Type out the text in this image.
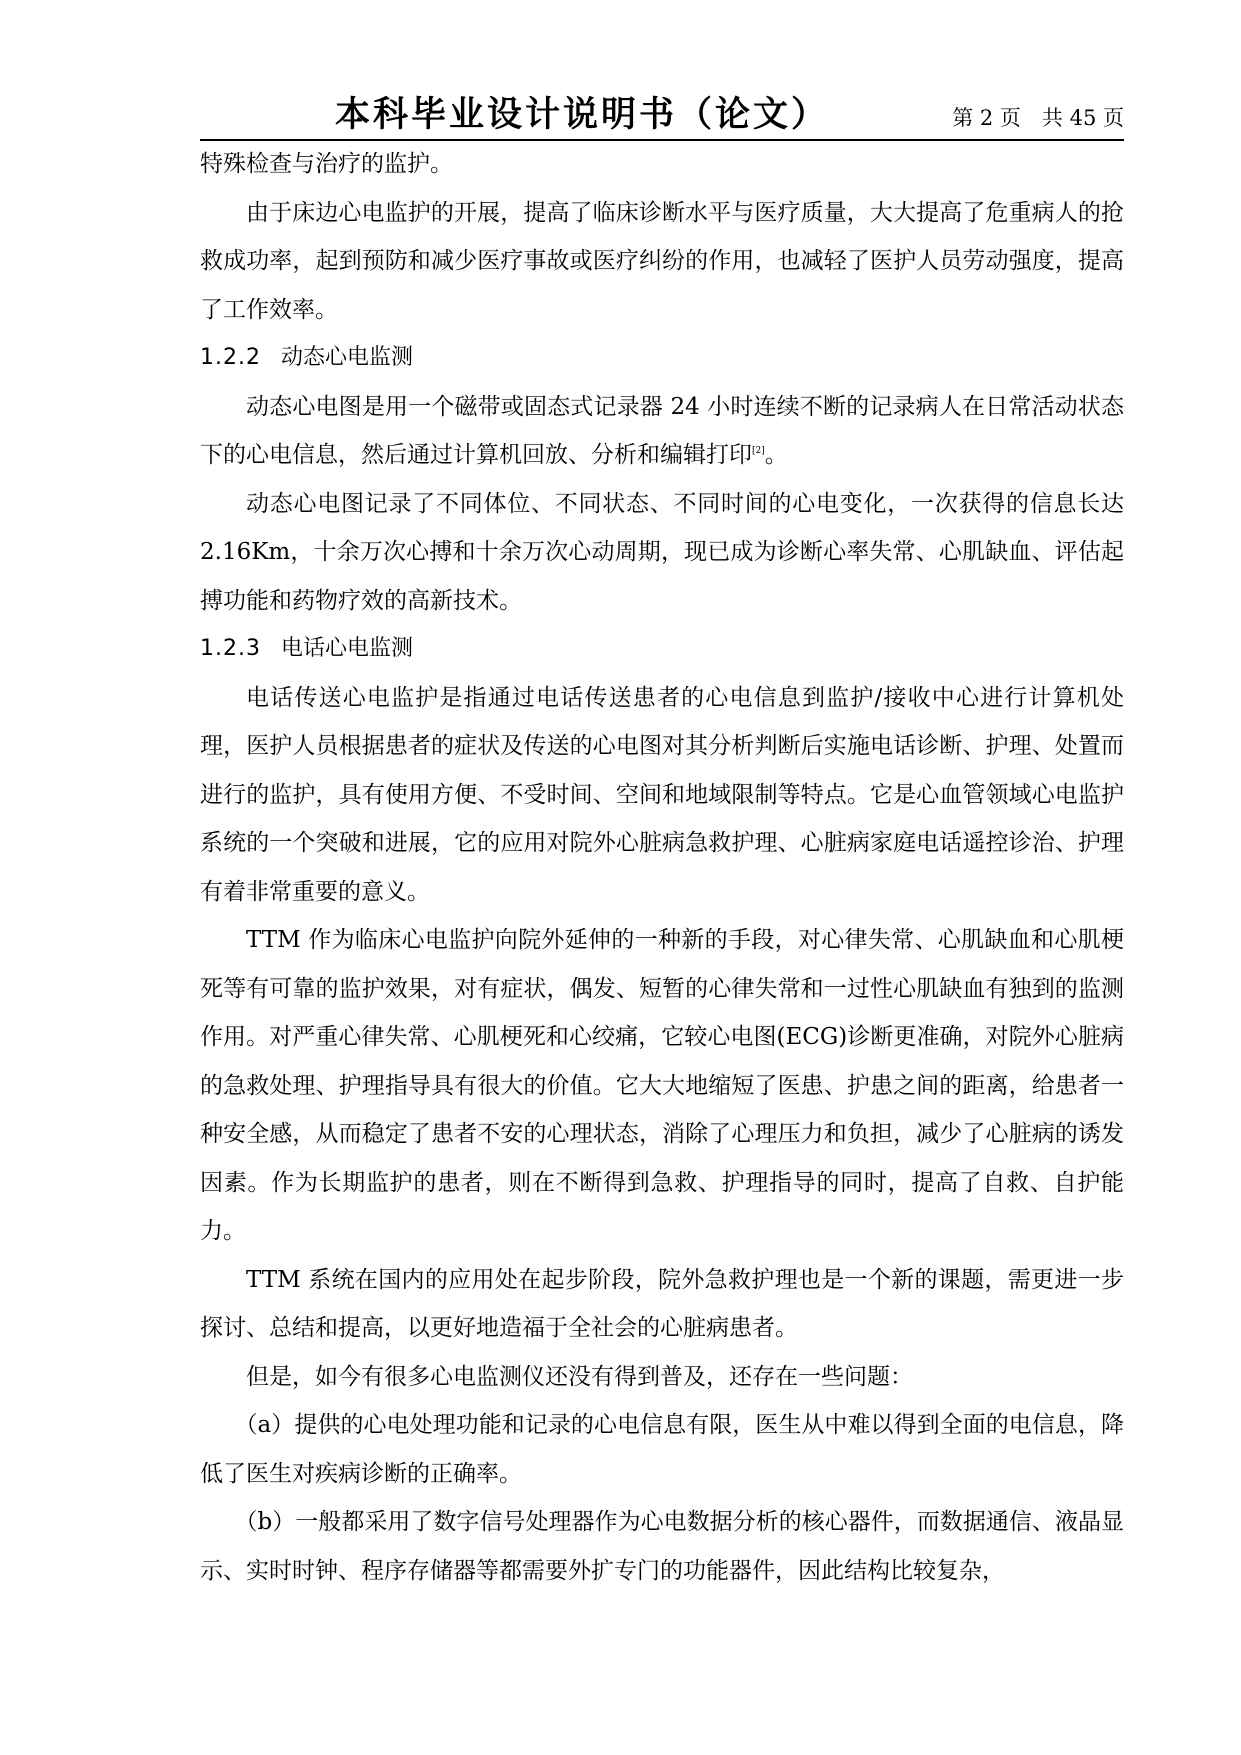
本科毕业设计说明书（论文）	第 2 页　共 45 页

特殊检查与治疗的监护。

由于床边心电监护的开展，提高了临床诊断水平与医疗质量，大大提高了危重病人的抢救成功率，起到预防和减少医疗事故或医疗纠纷的作用，也减轻了医护人员劳动强度，提高了工作效率。

1.2.2 动态心电监测

动态心电图是用一个磁带或固态式记录器 24 小时连续不断的记录病人在日常活动状态下的心电信息，然后通过计算机回放、分析和编辑打印[2]。

动态心电图记录了不同体位、不同状态、不同时间的心电变化，一次获得的信息长达 2.16Km，十余万次心搏和十余万次心动周期，现已成为诊断心率失常、心肌缺血、评估起搏功能和药物疗效的高新技术。

1.2.3 电话心电监测

电话传送心电监护是指通过电话传送患者的心电信息到监护/接收中心进行计算机处理，医护人员根据患者的症状及传送的心电图对其分析判断后实施电话诊断、护理、处置而进行的监护，具有使用方便、不受时间、空间和地域限制等特点。它是心血管领域心电监护系统的一个突破和进展，它的应用对院外心脏病急救护理、心脏病家庭电话遥控诊治、护理有着非常重要的意义。

TTM 作为临床心电监护向院外延伸的一种新的手段，对心律失常、心肌缺血和心肌梗死等有可靠的监护效果，对有症状，偶发、短暂的心律失常和一过性心肌缺血有独到的监测作用。对严重心律失常、心肌梗死和心绞痛，它较心电图(ECG)诊断更准确，对院外心脏病的急救处理、护理指导具有很大的价值。它大大地缩短了医患、护患之间的距离，给患者一种安全感，从而稳定了患者不安的心理状态，消除了心理压力和负担，减少了心脏病的诱发因素。作为长期监护的患者，则在不断得到急救、护理指导的同时，提高了自救、自护能力。

TTM 系统在国内的应用处在起步阶段，院外急救护理也是一个新的课题，需更进一步探讨、总结和提高，以更好地造福于全社会的心脏病患者。

但是，如今有很多心电监测仪还没有得到普及，还存在一些问题：

（a）提供的心电处理功能和记录的心电信息有限，医生从中难以得到全面的电信息，降低了医生对疾病诊断的正确率。

（b）一般都采用了数字信号处理器作为心电数据分析的核心器件，而数据通信、液晶显示、实时时钟、程序存储器等都需要外扩专门的功能器件，因此结构比较复杂，
